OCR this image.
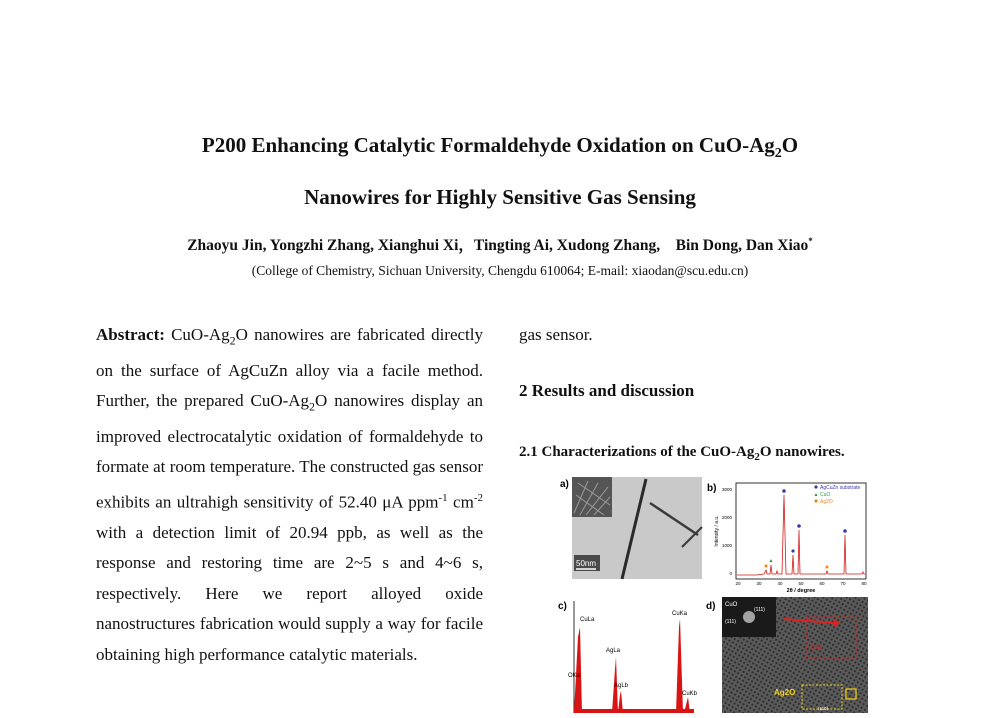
P200 Enhancing Catalytic Formaldehyde Oxidation on CuO-$Ag_2O$
Nanowires for Highly Sensitive Gas Sensing
Zhaoyu Jin, Yongzhi Zhang, Xianghui Xi，Tingting Ai, Xudong Zhang,　Bin Dong, Dan Xiao*
(College of Chemistry, Sichuan University, Chengdu 610064; E-mail: xiaodan@scu.edu.cn)
Abstract: CuO-$Ag_2O$ nanowires are fabricated directly on the surface of AgCuZn alloy via a facile method. Further, the prepared CuO-$Ag_2O$ nanowires display an improved electrocatalytic oxidation of formaldehyde to formate at room temperature. The constructed gas sensor exhibits an ultrahigh sensitivity of 52.40 μA ppm$^{-1}$ $cm^{-2}$ with a detection limit of 20.94 ppb, as well as the response and restoring time are 2~5 s and 4~6 s, respectively. Here we report alloyed oxide nanostructures fabrication would supply a way for facile obtaining high performance catalytic materials.
gas sensor.
2 Results and discussion
2.1 Characterizations of the CuO-$Ag_2O$ nanowires.
a)
50nm
b) 3000
2000
1000
0
Intensity / a.u.
20	30	40	50	60	70	80
2θ / degree
AgCuZn substrate
CuO
Ag2O
c)
CuLa
AgLa
OKa
AgLb
CuKa
CuKb
d) CuO
(111)
(111)
CuO
Ag2O
(110)
